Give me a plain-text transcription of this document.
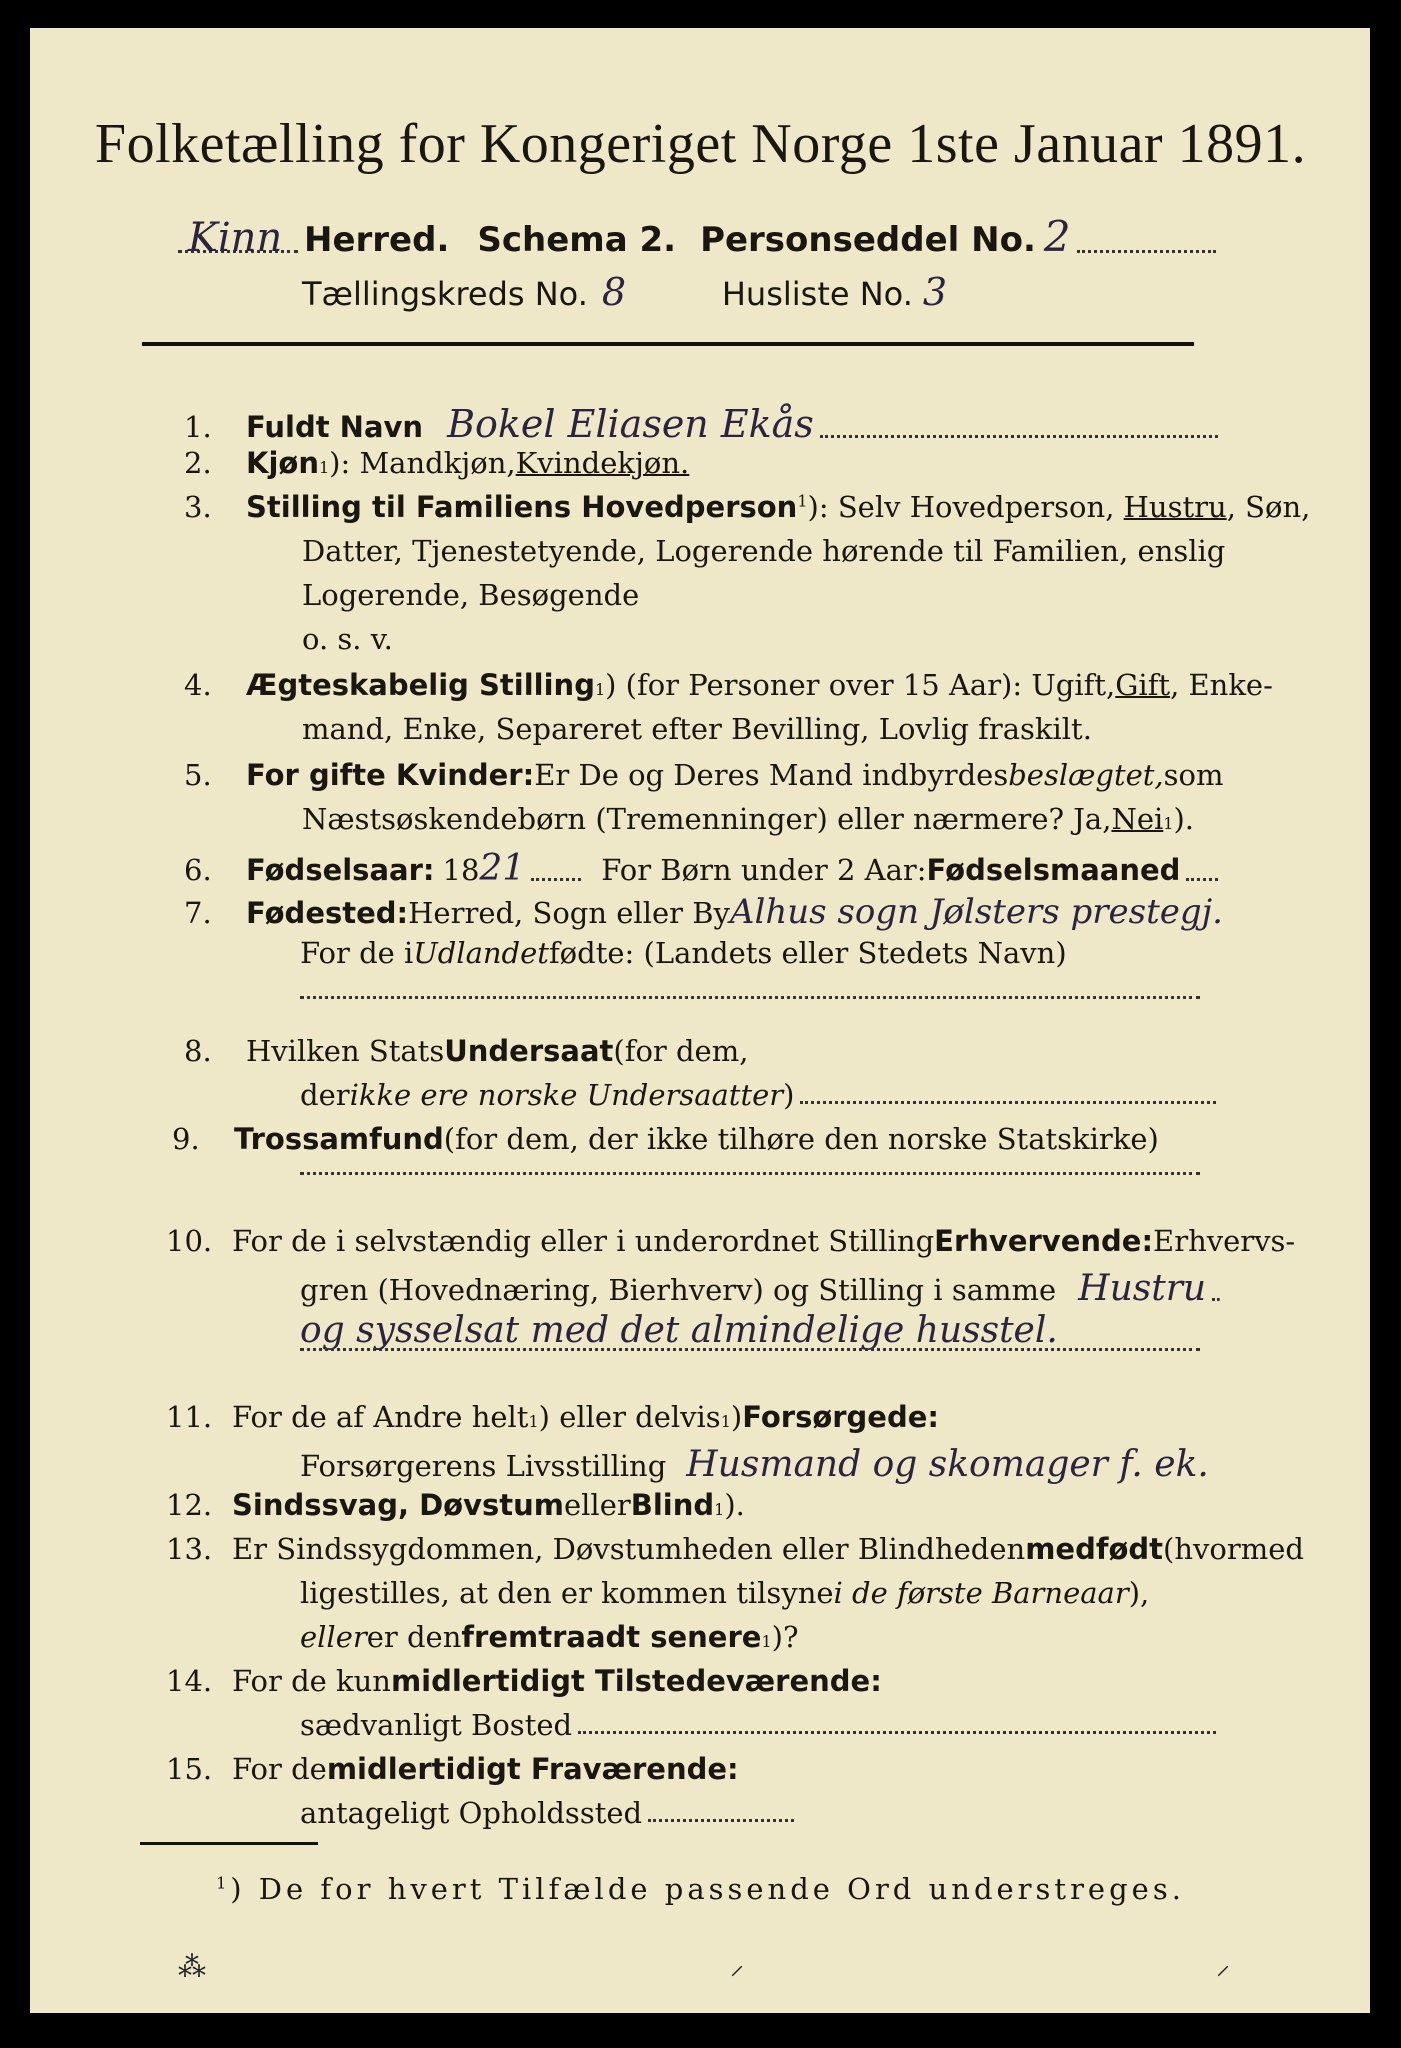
Folketælling for Kongeriget Norge 1ste Januar 1891.
Kinn Herred. Schema 2. Personseddel No. 2
Tællingskreds No. 8	Husliste No. 3
1.	Fuldt Navn Bokel Eliasen Ekås
2.	Kjøn 1 ): Mandkjøn, Kvindekjøn.
3. Stilling til Familiens Hovedperson$^1$): Selv Hovedperson, Hustru, Søn,
Datter, Tjenestetyende, Logerende hørende til Familien, enslig
Logerende, Besøgende
o. s. v.
4.	Ægteskabelig Stilling 1 ) (for Personer over 15 Aar): Ugift, Gift , Enke-
mand, Enke, Separeret efter Bevilling, Lovlig fraskilt.
5.	For gifte Kvinder: Er De og Deres Mand indbyrdes beslægtet, som
Næstsøskendebørn (Tremenninger) eller nærmere? Ja, Nei 1 ).
6.	Fødselsaar: 18 21	For Børn under 2 Aar: Fødselsmaaned
7.	Fødested: Herred, Sogn eller By Alhus sogn Jølsters prestegj.
For de i Udlandet fødte: (Landets eller Stedets Navn)
8.	Hvilken Stats Undersaat (for dem,
der ikke ere norske Undersaatter )
9.	Trossamfund (for dem, der ikke tilhøre den norske Statskirke)
10. For de i selvstændig eller i underordnet Stilling Erhvervende: Erhvervs-
gren (Hovednæring, Bierhverv) og Stilling i samme Hustru
og sysselsat med det almindelige husstel.
11. For de af Andre helt 1 ) eller delvis 1 ) Forsørgede:
Forsørgerens Livsstilling Husmand og skomager f. ek.
12. Sindssvag, Døvstum eller Blind 1 ).
13. Er Sindssygdommen, Døvstumheden eller Blindheden medfødt (hvormed
ligestilles, at den er kommen tilsyne i de første Barneaar ),
eller er den fremtraadt senere 1 )?
14. For de kun midlertidigt Tilstedeværende:
sædvanligt Bosted
15. For de midlertidigt Fraværende:
antageligt Opholdssted
$^1$) De for hvert Tilfælde passende Ord understreges.
⁂	⸝	⸝
